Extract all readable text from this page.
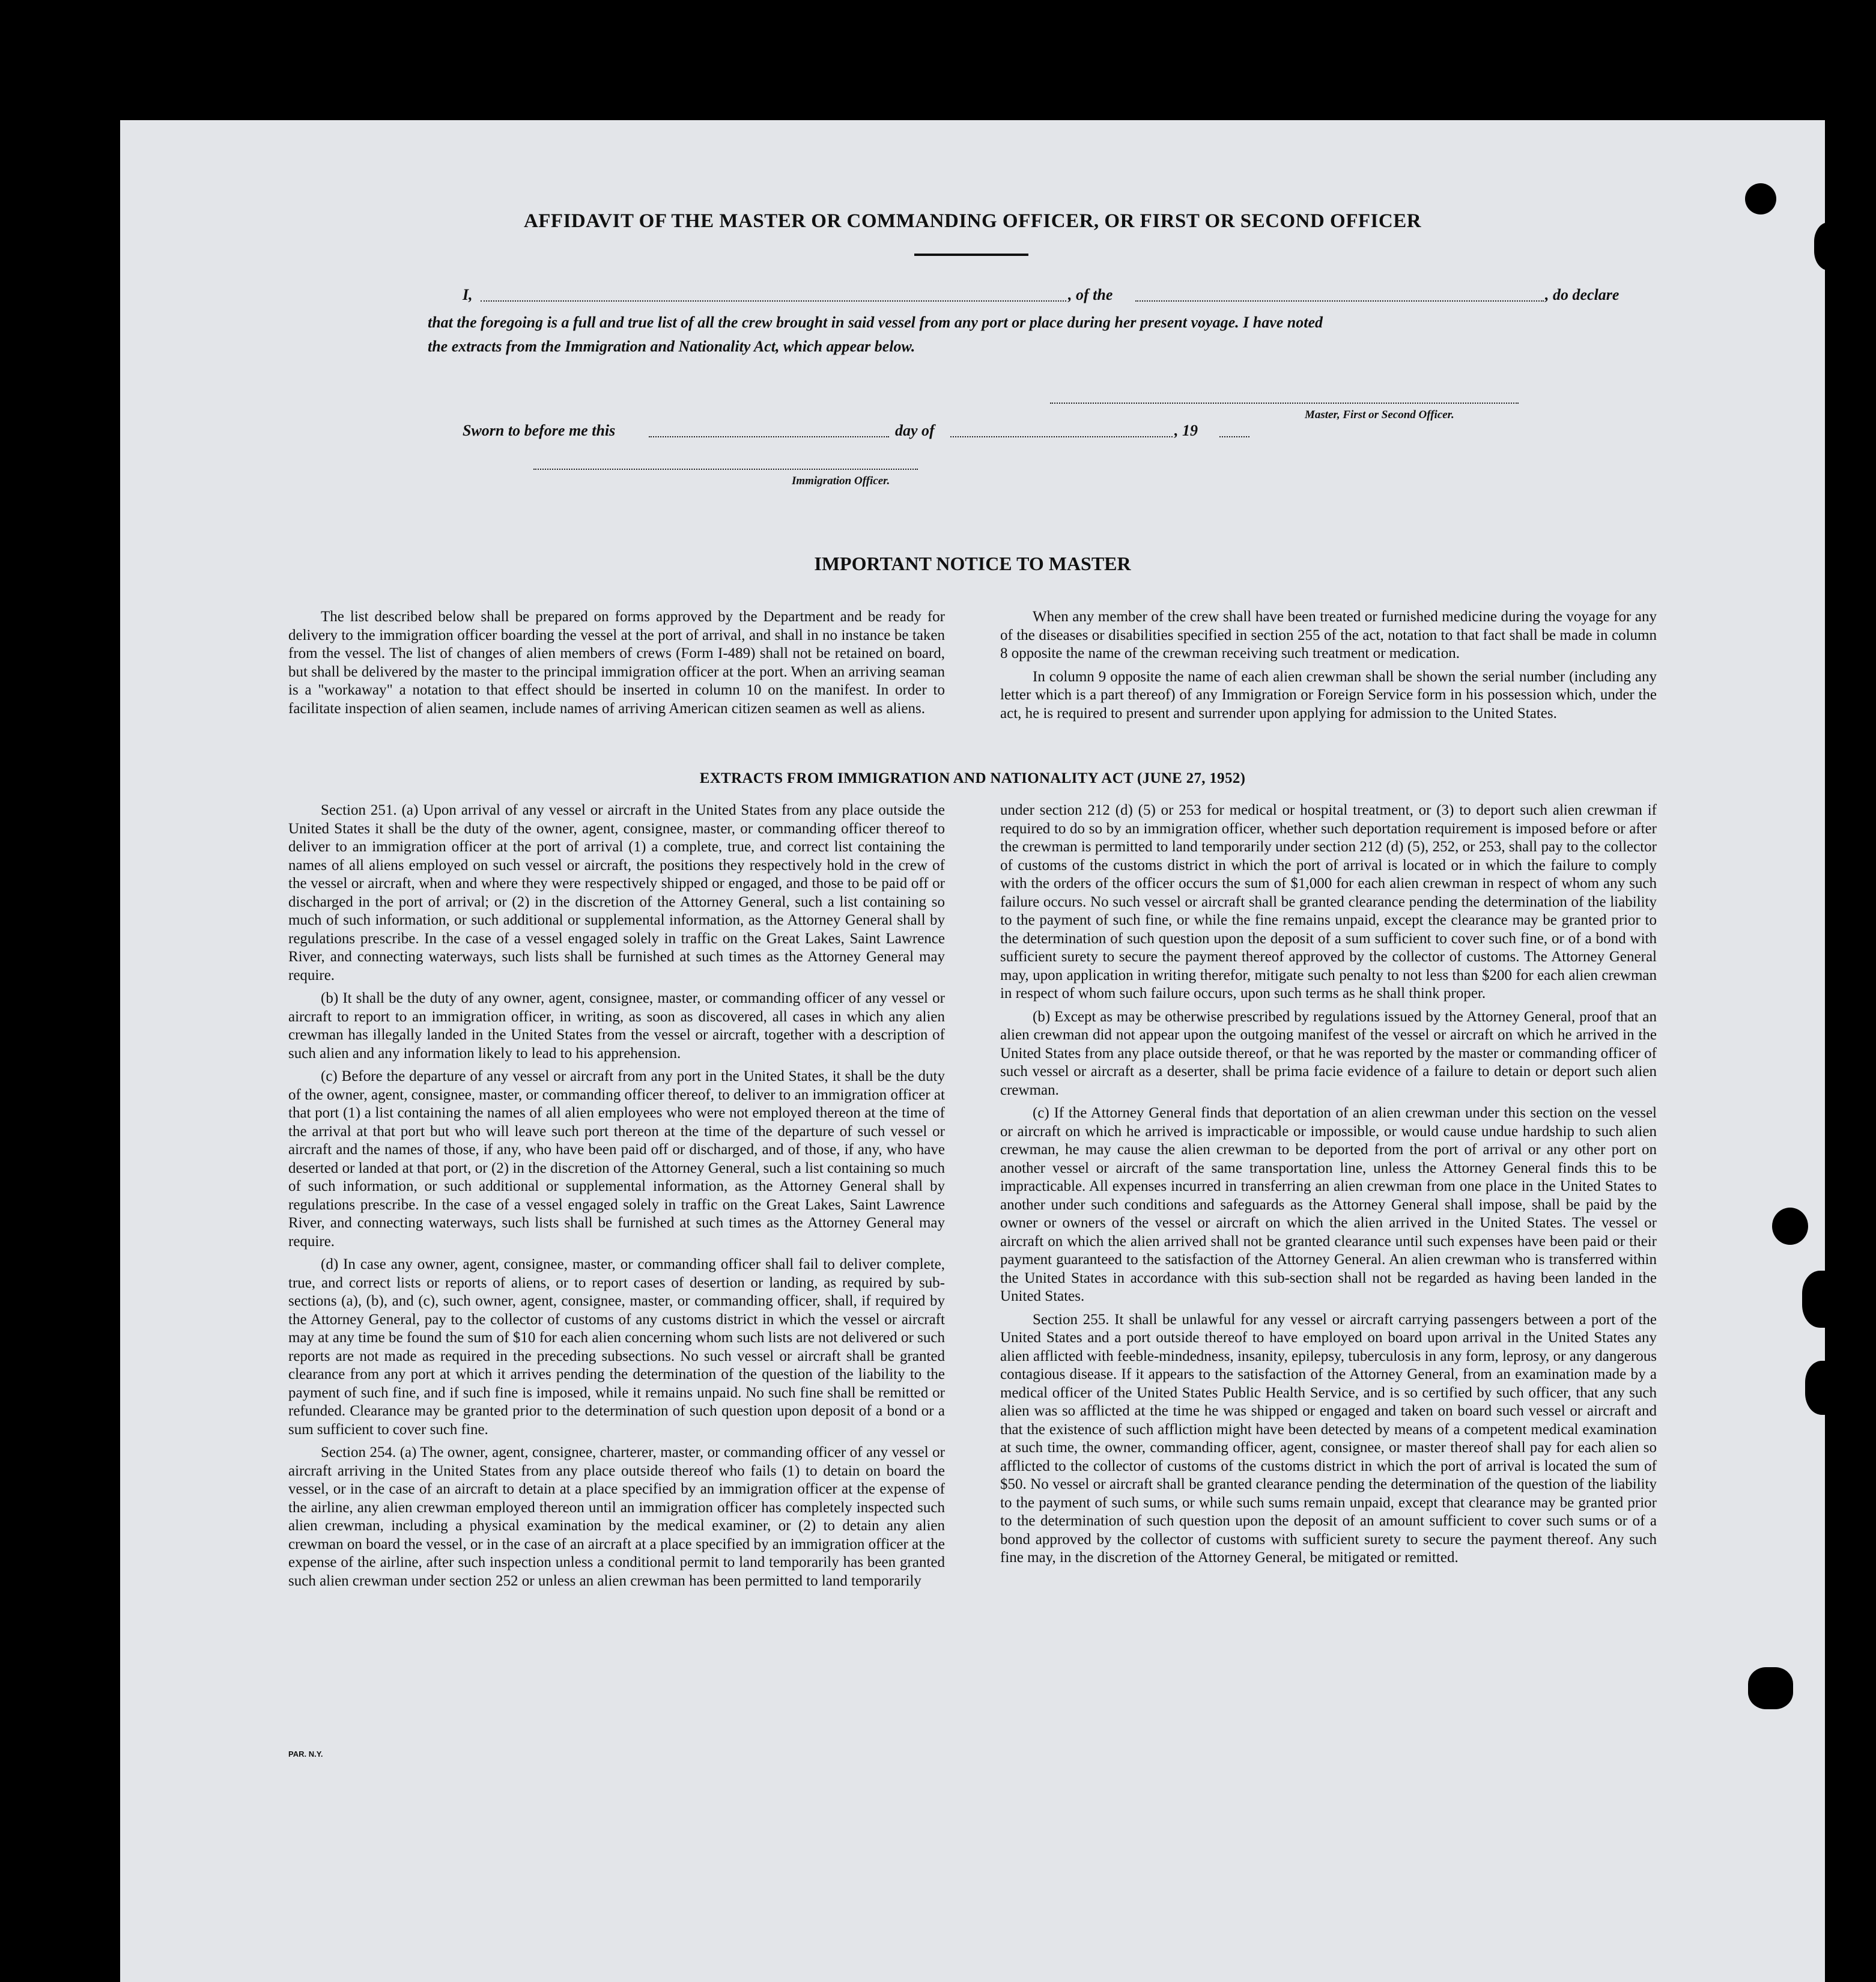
AFFIDAVIT OF THE MASTER OR COMMANDING OFFICER, OR FIRST OR SECOND OFFICER
I,	, of the	, do declare
that the foregoing is a full and true list of all the crew brought in said vessel from any port or place during her present voyage. I have noted
the extracts from the Immigration and Nationality Act, which appear below.
Master, First or Second Officer.
Sworn to before me this	day of	, 19
Immigration Officer.
IMPORTANT NOTICE TO MASTER

The list described below shall be prepared on forms approved by the Department and be ready for delivery to the immigration officer boarding the vessel at the port of arrival, and shall in no instance be taken from the vessel. The list of changes of alien members of crews (Form I-489) shall not be retained on board, but shall be delivered by the master to the principal immigration officer at the port. When an arriving seaman is a "workaway" a notation to that effect should be inserted in column 10 on the manifest. In order to facilitate inspection of alien seamen, include names of arriving American citizen seamen as well as aliens.

When any member of the crew shall have been treated or furnished medicine during the voyage for any of the diseases or disabilities specified in section 255 of the act, notation to that fact shall be made in column 8 opposite the name of the crewman receiving such treatment or medication.

In column 9 opposite the name of each alien crewman shall be shown the serial number (including any letter which is a part thereof) of any Immigration or Foreign Service form in his possession which, under the act, he is required to present and surrender upon applying for admission to the United States.

EXTRACTS FROM IMMIGRATION AND NATIONALITY ACT (JUNE 27, 1952)

Section 251. (a) Upon arrival of any vessel or aircraft in the United States from any place outside the United States it shall be the duty of the owner, agent, consignee, master, or commanding officer thereof to deliver to an immigration officer at the port of arrival (1) a complete, true, and correct list containing the names of all aliens employed on such vessel or aircraft, the positions they respectively hold in the crew of the vessel or aircraft, when and where they were respectively shipped or engaged, and those to be paid off or discharged in the port of arrival; or (2) in the discretion of the Attorney General, such a list containing so much of such information, or such additional or supplemental information, as the Attorney General shall by regulations prescribe. In the case of a vessel engaged solely in traffic on the Great Lakes, Saint Lawrence River, and connecting waterways, such lists shall be furnished at such times as the Attorney General may require.

(b) It shall be the duty of any owner, agent, consignee, master, or commanding officer of any vessel or aircraft to report to an immigration officer, in writing, as soon as discovered, all cases in which any alien crewman has illegally landed in the United States from the vessel or aircraft, together with a description of such alien and any information likely to lead to his apprehension.

(c) Before the departure of any vessel or aircraft from any port in the United States, it shall be the duty of the owner, agent, consignee, master, or commanding officer thereof, to deliver to an immigration officer at that port (1) a list containing the names of all alien employees who were not employed thereon at the time of the arrival at that port but who will leave such port thereon at the time of the departure of such vessel or aircraft and the names of those, if any, who have been paid off or discharged, and of those, if any, who have deserted or landed at that port, or (2) in the discretion of the Attorney General, such a list containing so much of such information, or such additional or supplemental information, as the Attorney General shall by regulations prescribe. In the case of a vessel engaged solely in traffic on the Great Lakes, Saint Lawrence River, and connecting waterways, such lists shall be furnished at such times as the Attorney General may require.

(d) In case any owner, agent, consignee, master, or commanding officer shall fail to deliver complete, true, and correct lists or reports of aliens, or to report cases of desertion or landing, as required by sub-sections (a), (b), and (c), such owner, agent, consignee, master, or commanding officer, shall, if required by the Attorney General, pay to the collector of customs of any customs district in which the vessel or aircraft may at any time be found the sum of $10 for each alien concerning whom such lists are not delivered or such reports are not made as required in the preceding subsections. No such vessel or aircraft shall be granted clearance from any port at which it arrives pending the determination of the question of the liability to the payment of such fine, and if such fine is imposed, while it remains unpaid. No such fine shall be remitted or refunded. Clearance may be granted prior to the determination of such question upon deposit of a bond or a sum sufficient to cover such fine.

Section 254. (a) The owner, agent, consignee, charterer, master, or commanding officer of any vessel or aircraft arriving in the United States from any place outside thereof who fails (1) to detain on board the vessel, or in the case of an aircraft to detain at a place specified by an immigration officer at the expense of the airline, any alien crewman employed thereon until an immigration officer has completely inspected such alien crewman, including a physical examination by the medical examiner, or (2) to detain any alien crewman on board the vessel, or in the case of an aircraft at a place specified by an immigration officer at the expense of the airline, after such inspection unless a conditional permit to land temporarily has been granted such alien crewman under section 252 or unless an alien crewman has been permitted to land temporarily

under section 212 (d) (5) or 253 for medical or hospital treatment, or (3) to deport such alien crewman if required to do so by an immigration officer, whether such deportation requirement is imposed before or after the crewman is permitted to land temporarily under section 212 (d) (5), 252, or 253, shall pay to the collector of customs of the customs district in which the port of arrival is located or in which the failure to comply with the orders of the officer occurs the sum of $1,000 for each alien crewman in respect of whom any such failure occurs. No such vessel or aircraft shall be granted clearance pending the determination of the liability to the payment of such fine, or while the fine remains unpaid, except the clearance may be granted prior to the determination of such question upon the deposit of a sum sufficient to cover such fine, or of a bond with sufficient surety to secure the payment thereof approved by the collector of customs. The Attorney General may, upon application in writing therefor, mitigate such penalty to not less than $200 for each alien crewman in respect of whom such failure occurs, upon such terms as he shall think proper.

(b) Except as may be otherwise prescribed by regulations issued by the Attorney General, proof that an alien crewman did not appear upon the outgoing manifest of the vessel or aircraft on which he arrived in the United States from any place outside thereof, or that he was reported by the master or commanding officer of such vessel or aircraft as a deserter, shall be prima facie evidence of a failure to detain or deport such alien crewman.

(c) If the Attorney General finds that deportation of an alien crewman under this section on the vessel or aircraft on which he arrived is impracticable or impossible, or would cause undue hardship to such alien crewman, he may cause the alien crewman to be deported from the port of arrival or any other port on another vessel or aircraft of the same transportation line, unless the Attorney General finds this to be impracticable. All expenses incurred in transferring an alien crewman from one place in the United States to another under such conditions and safeguards as the Attorney General shall impose, shall be paid by the owner or owners of the vessel or aircraft on which the alien arrived in the United States. The vessel or aircraft on which the alien arrived shall not be granted clearance until such expenses have been paid or their payment guaranteed to the satisfaction of the Attorney General. An alien crewman who is transferred within the United States in accordance with this sub-section shall not be regarded as having been landed in the United States.

Section 255. It shall be unlawful for any vessel or aircraft carrying passengers between a port of the United States and a port outside thereof to have employed on board upon arrival in the United States any alien afflicted with feeble-mindedness, insanity, epilepsy, tuberculosis in any form, leprosy, or any dangerous contagious disease. If it appears to the satisfaction of the Attorney General, from an examination made by a medical officer of the United States Public Health Service, and is so certified by such officer, that any such alien was so afflicted at the time he was shipped or engaged and taken on board such vessel or aircraft and that the existence of such affliction might have been detected by means of a competent medical examination at such time, the owner, commanding officer, agent, consignee, or master thereof shall pay for each alien so afflicted to the collector of customs of the customs district in which the port of arrival is located the sum of $50. No vessel or aircraft shall be granted clearance pending the determination of the question of the liability to the payment of such sums, or while such sums remain unpaid, except that clearance may be granted prior to the determination of such question upon the deposit of an amount sufficient to cover such sums or of a bond approved by the collector of customs with sufficient surety to secure the payment thereof. Any such fine may, in the discretion of the Attorney General, be mitigated or remitted.

PAR. N.Y.
